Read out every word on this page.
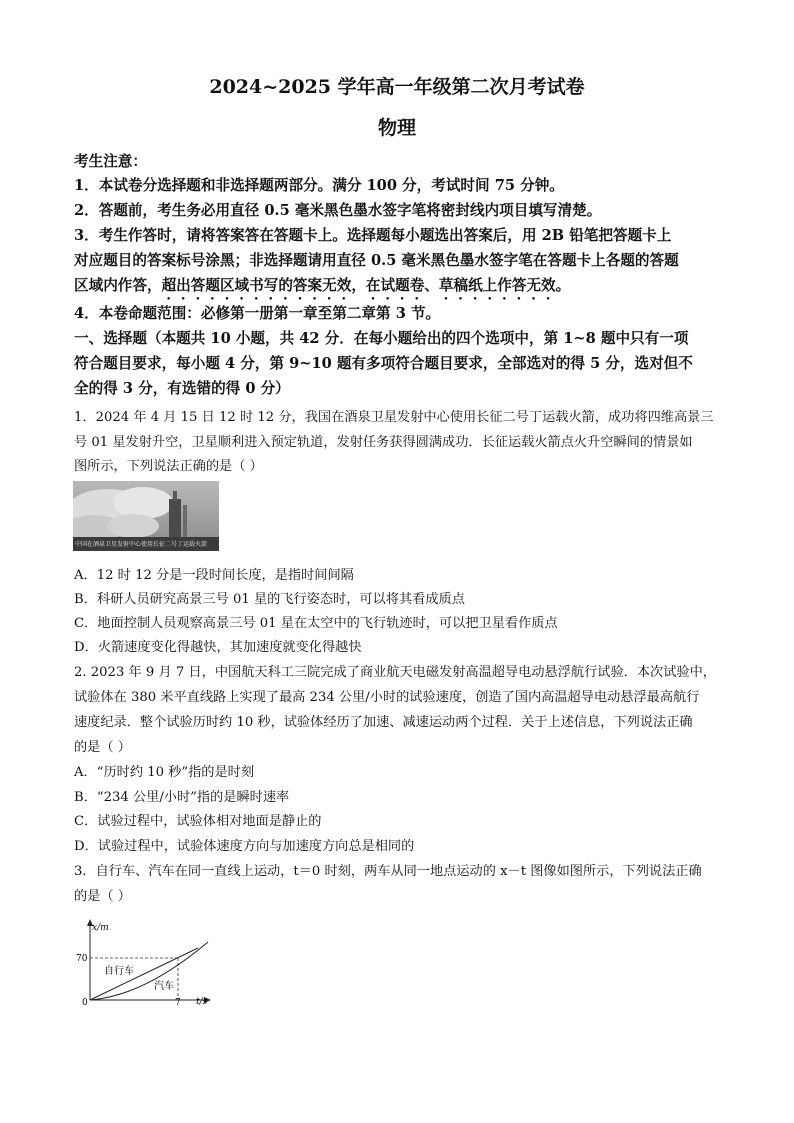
2024~2025 学年高一年级第二次月考试卷
物理
考生注意：
1．本试卷分选择题和非选择题两部分。满分 100 分，考试时间 75 分钟。
2．答题前，考生务必用直径 0.5 毫米黑色墨水签字笔将密封线内项目填写清楚。
3．考生作答时，请将答案答在答题卡上。选择题每小题选出答案后，用 2B 铅笔把答题卡上
对应题目的答案标号涂黑；非选择题请用直径 0.5 毫米黑色墨水签字笔在答题卡上各题的答题
区域内作答，超出答题区域书写的答案无效，在试题卷、草稿纸上作答无效。
4．本卷命题范围：必修第一册第一章至第二章第 3 节。
一、选择题（本题共 10 小题，共 42 分．在每小题给出的四个选项中，第 1~8 题中只有一项
符合题目要求，每小题 4 分，第 9~10 题有多项符合题目要求，全部选对的得 5 分，选对但不
全的得 3 分，有选错的得 0 分）
1．2024 年 4 月 15 日 12 时 12 分，我国在酒泉卫星发射中心使用长征二号丁运载火箭，成功将四维高景三
号 01 星发射升空，卫星顺利进入预定轨道，发射任务获得圆满成功．长征运载火箭点火升空瞬间的情景如
图所示，下列说法正确的是（ ）
中国在酒泉卫星发射中心使用长征二号丁运载火箭
A．12 时 12 分是一段时间长度，是指时间间隔
B．科研人员研究高景三号 01 星的飞行姿态时，可以将其看成质点
C．地面控制人员观察高景三号 01 星在太空中的飞行轨迹时，可以把卫星看作质点
D．火箭速度变化得越快，其加速度就变化得越快
2. 2023 年 9 月 7 日，中国航天科工三院完成了商业航天电磁发射高温超导电动悬浮航行试验．本次试验中，
试验体在 380 米平直线路上实现了最高 234 公里/小时的试验速度，创造了国内高温超导电动悬浮最高航行
速度纪录．整个试验历时约 10 秒，试验体经历了加速、减速运动两个过程．关于上述信息，下列说法正确
的是（ ）
A．“历时约 10 秒”指的是时刻
B．“234 公里/小时”指的是瞬时速率
C．试验过程中，试验体相对地面是静止的
D．试验过程中，试验体速度方向与加速度方向总是相同的
3．自行车、汽车在同一直线上运动，t＝0 时刻，两车从同一地点运动的 x－t 图像如图所示，下列说法正确
的是（ ）
x/m
t/s
70
7
0
自行车
汽车
